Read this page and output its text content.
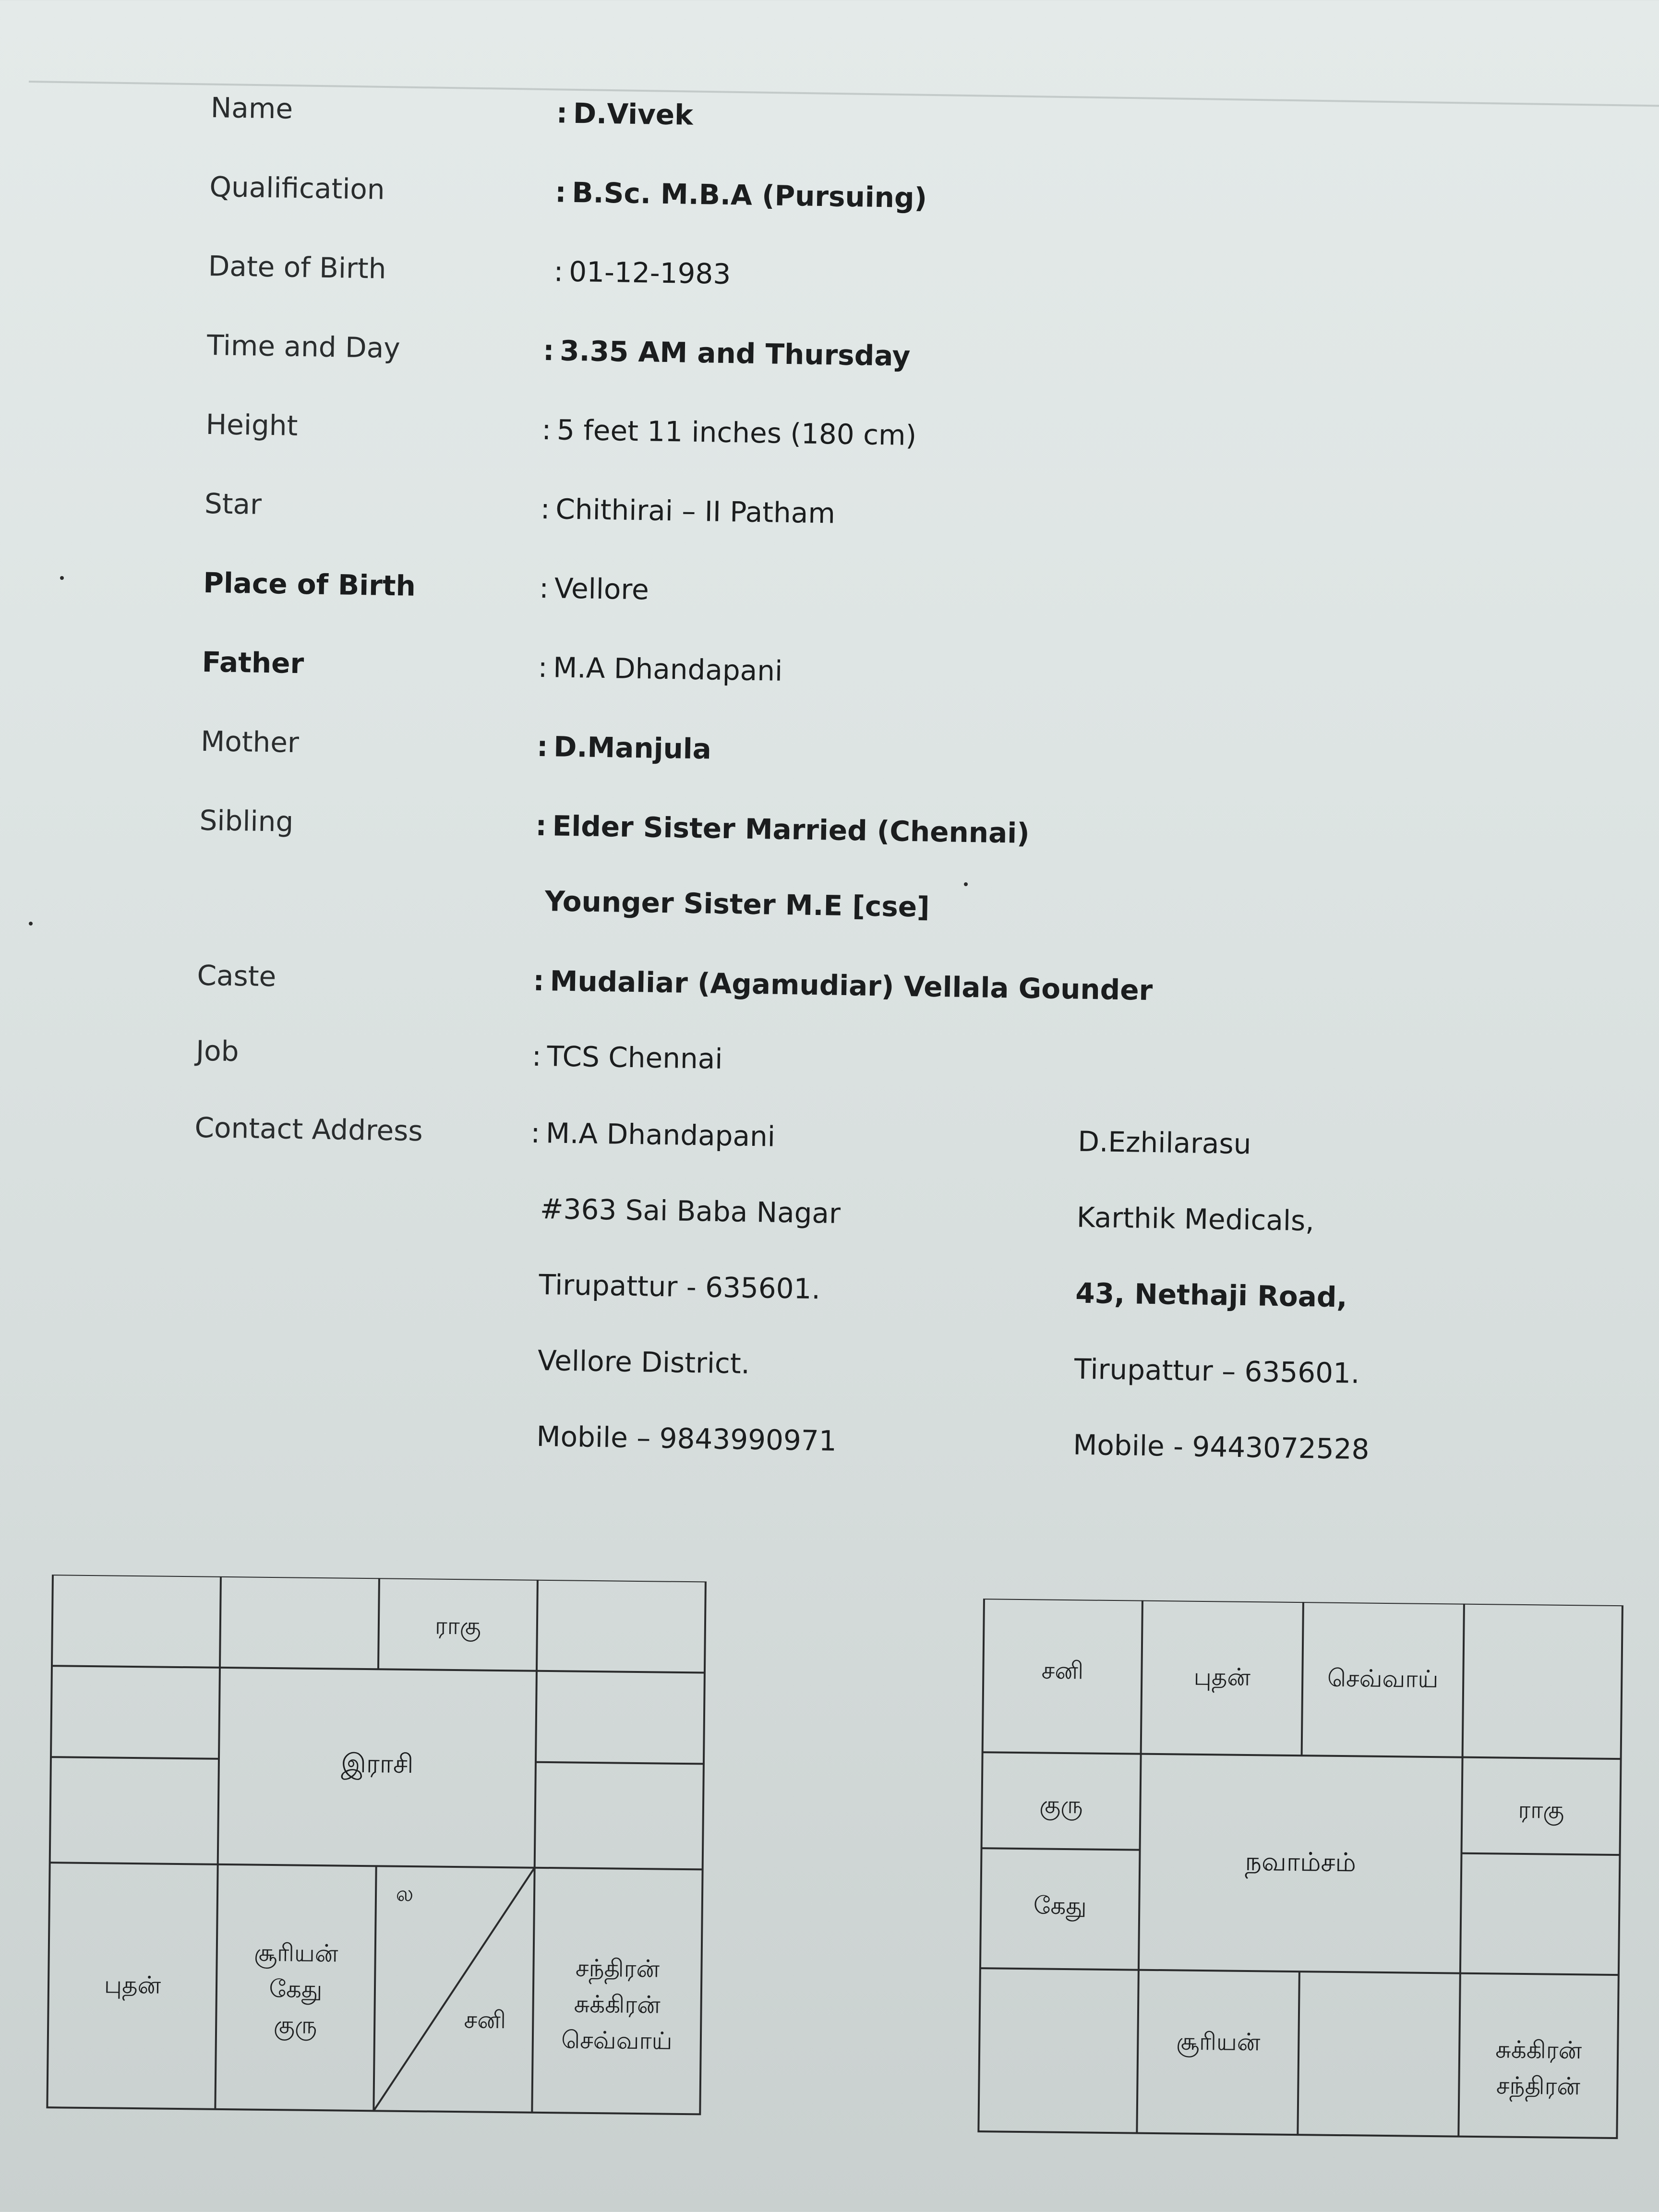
Name	: D.Vivek
Qualification	: B.Sc. M.B.A (Pursuing)
Date of Birth	: 01-12-1983
Time and Day	: 3.35 AM and Thursday
Height	: 5 feet 11 inches (180 cm)
Star	: Chithirai – II Patham
Place of Birth	: Vellore
Father	: M.A Dhandapani
Mother	: D.Manjula
Sibling	: Elder Sister Married (Chennai)
Younger Sister M.E [cse]
Caste	: Mudaliar (Agamudiar) Vellala Gounder
Job	: TCS Chennai
Contact Address	: M.A Dhandapani
#363 Sai Baba Nagar
Tirupattur - 635601.
Vellore District.
Mobile – 9843990971
D.Ezhilarasu
Karthik Medicals,
43, Nethaji Road,
Tirupattur – 635601.
Mobile - 9443072528
ராகு
இராசி
புதன்
சூரியன்
கேது
குரு
ல
சனி
சந்திரன்
சுக்கிரன்
செவ்வாய்
சனி	புதன்	செவ்வாய்
குரு
கேது
ராகு
நவாம்சம்
சூரியன்	சுக்கிரன்
சந்திரன்
